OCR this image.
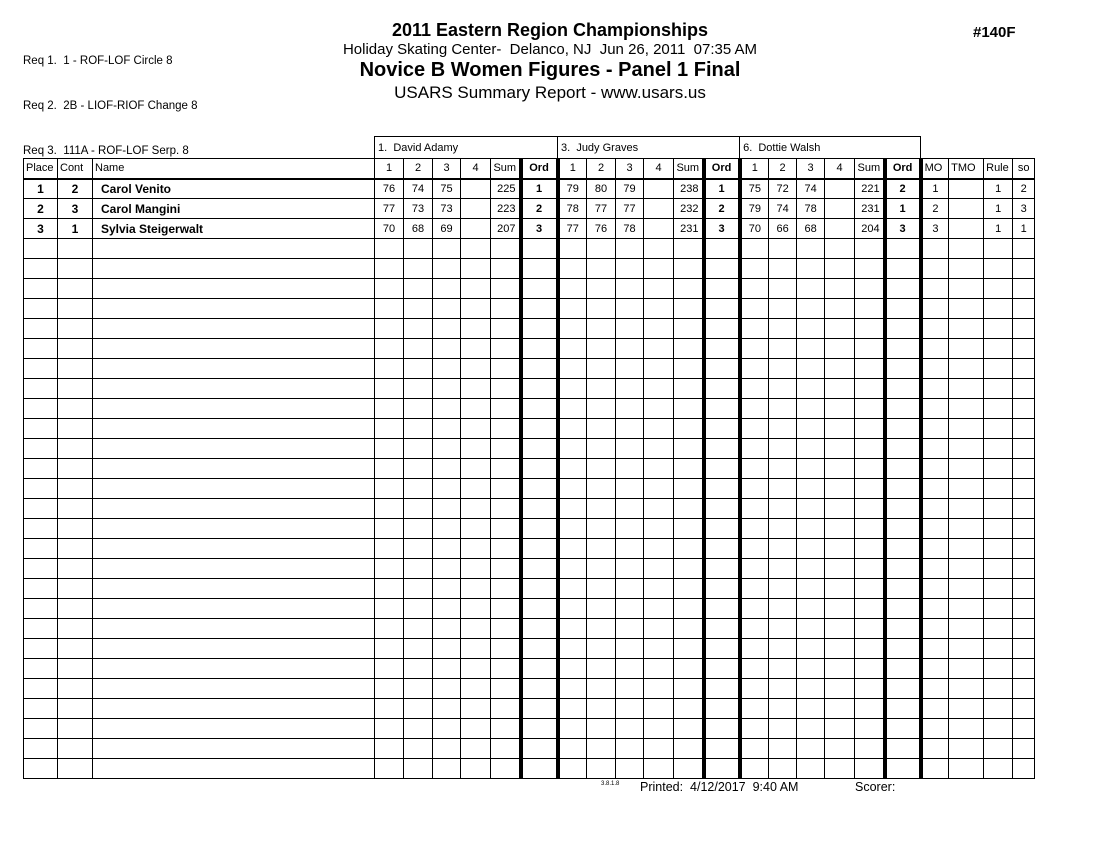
Req 1.  1 - ROF-LOF Circle 8

Req 2.  2B - LIOF-RIOF Change 8

Req 3.  111A - ROF-LOF Serp. 8

2011 Eastern Region Championships
Holiday Skating Center-  Delanco, NJ  Jun 26, 2011  07:35 AM
Novice B Women Figures - Panel 1 Final
USARS Summary Report - www.usars.us
#140F
			1.  David Adamy						3.  Judy Graves						6.  Dottie Walsh									
Place	Cont	Name	1	2	3	4	Sum	Ord	1	2	3	4	Sum	Ord	1	2	3	4	Sum	Ord	MO	TMO	Rule	so
1	2	Carol Venito	76	74	75		225	1	79	80	79		238	1	75	72	74		221	2	1		1	2
2	3	Carol Mangini	77	73	73		223	2	78	77	77		232	2	79	74	78		231	1	2		1	3
3	1	Sylvia Steigerwalt	70	68	69		207	3	77	76	78		231	3	70	66	68		204	3	3		1	1

3.8.1.8 Printed:  4/12/2017  9:40 AM	Scorer:
